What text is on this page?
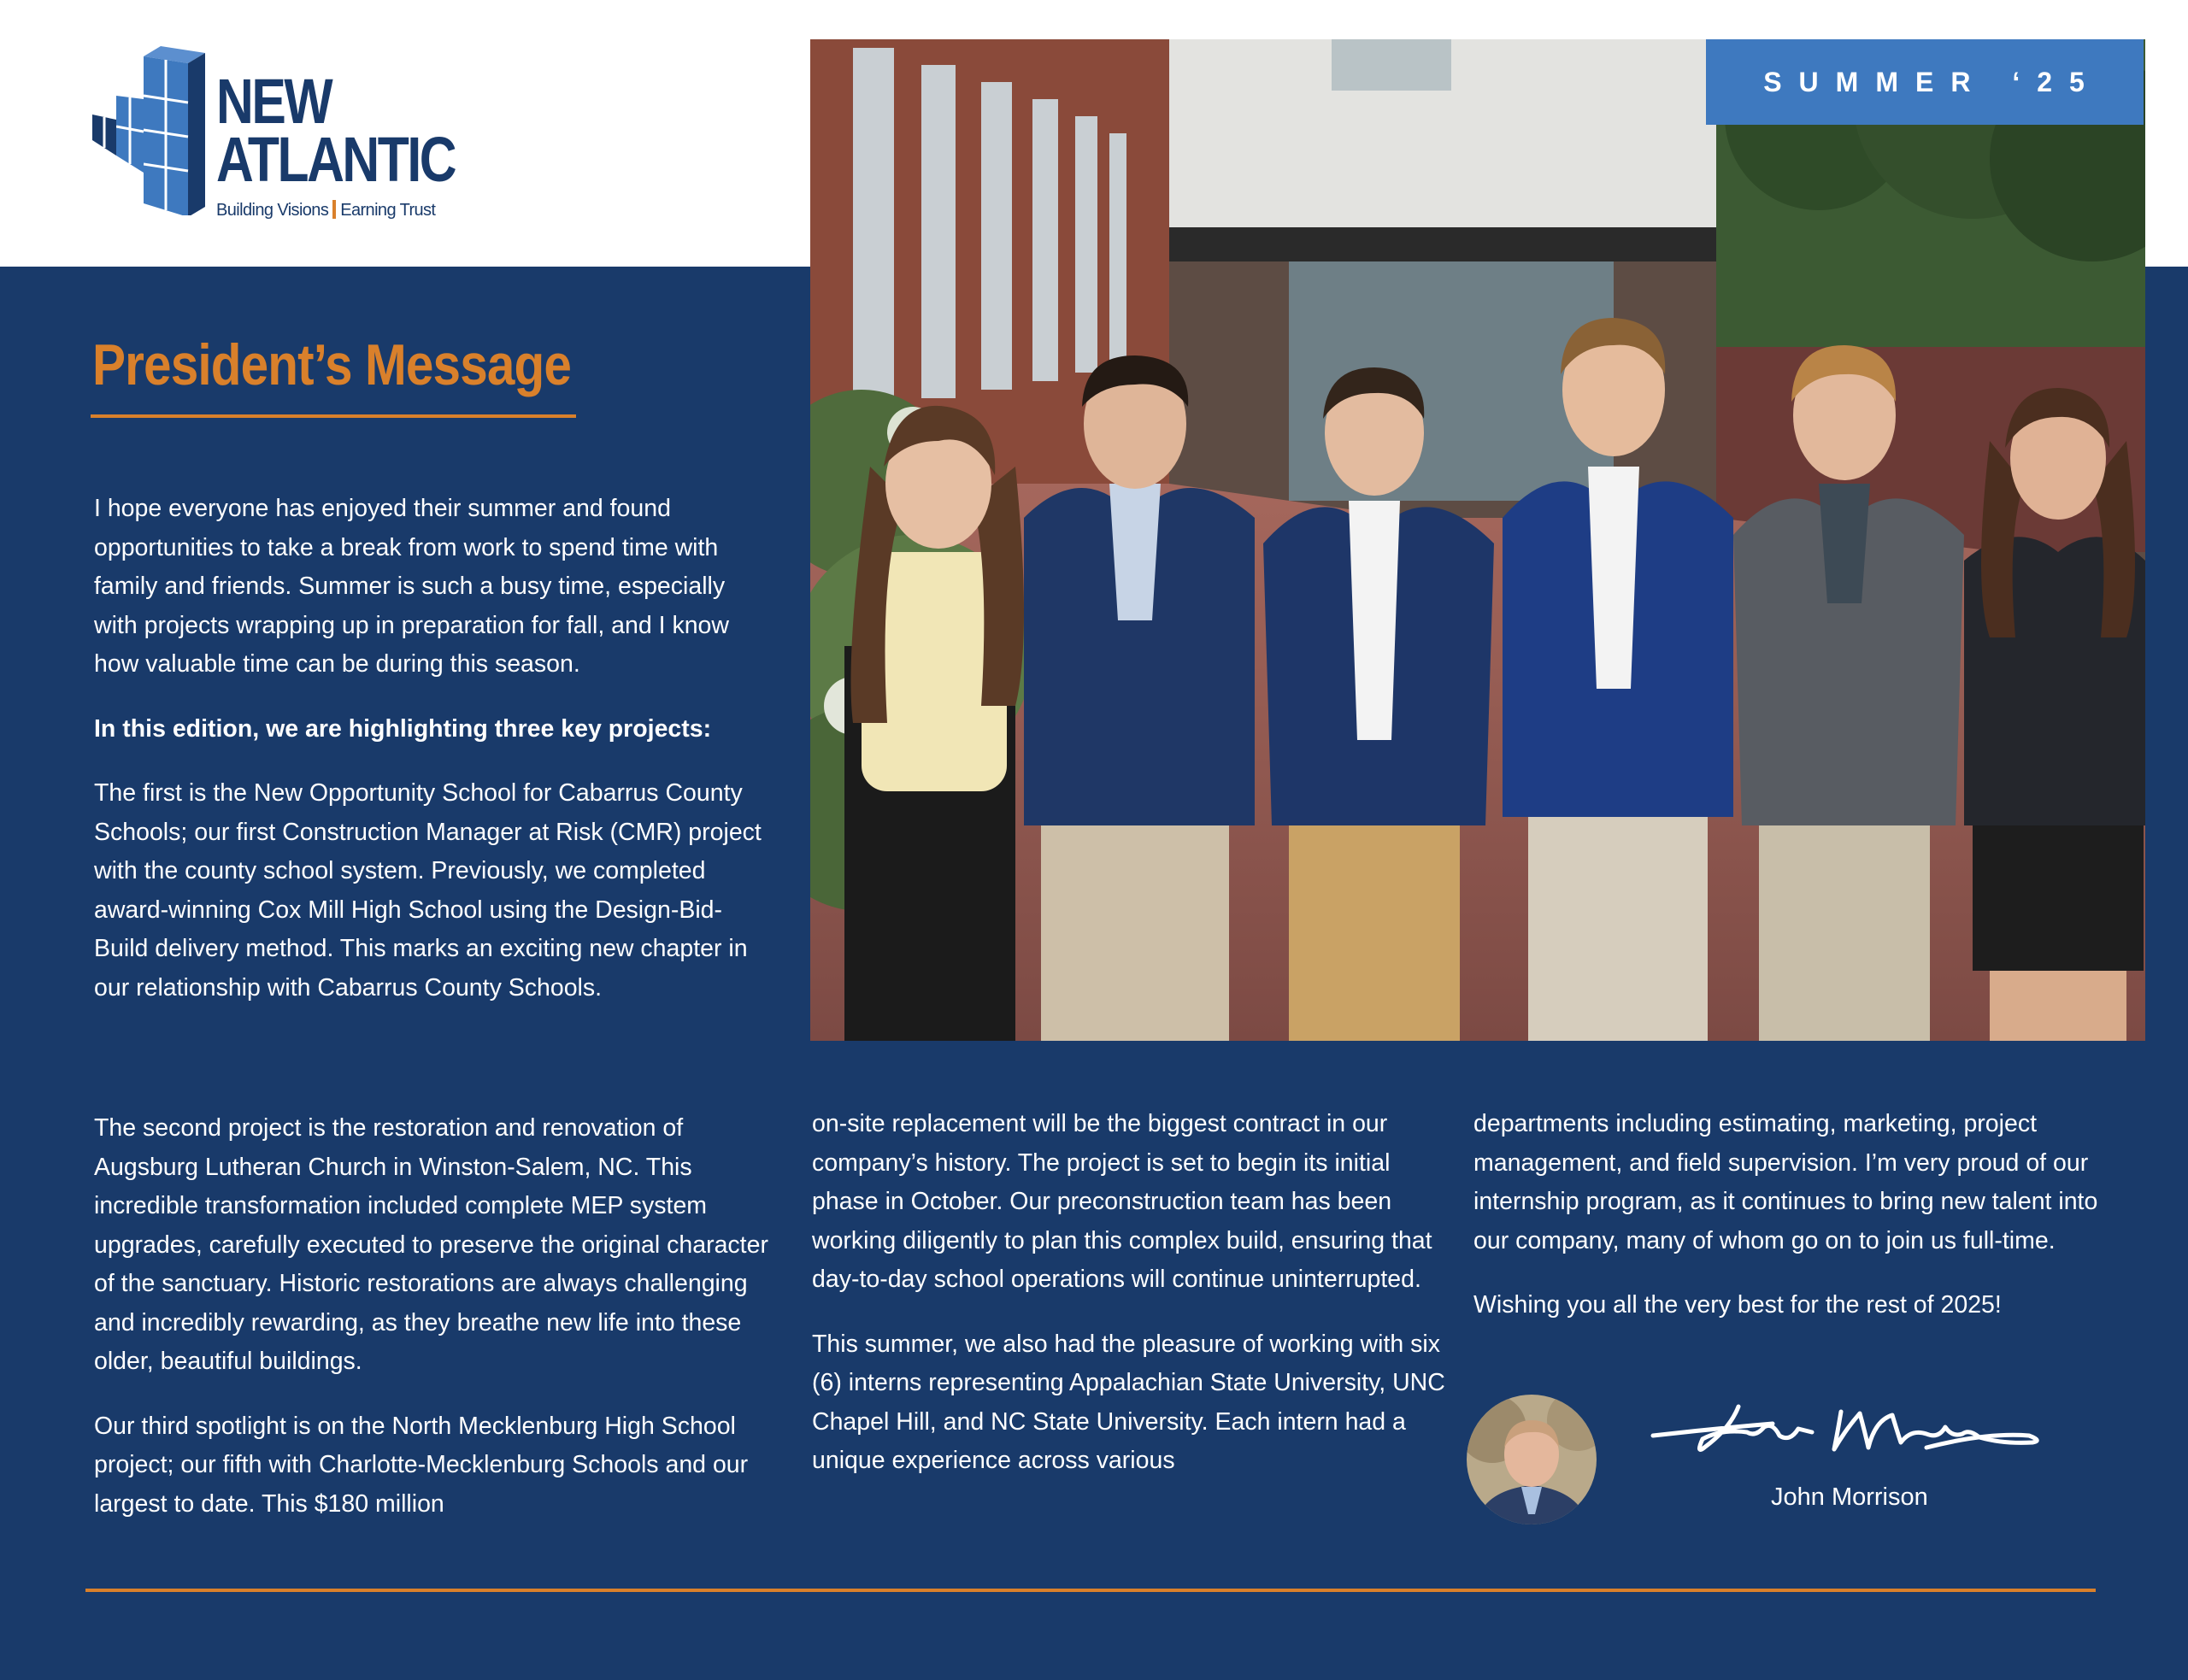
NEW
ATLANTIC
Building Visions Earning Trust
SUMMER ‘25
President’s Message

I hope everyone has enjoyed their summer and found opportunities to take a break from work to spend time with family and friends. Summer is such a busy time, especially with projects wrapping up in preparation for fall, and I know how valuable time can be during this season.

In this edition, we are highlighting three key projects:

The first is the New Opportunity School for Cabarrus County Schools; our first Construction Manager at Risk (CMR) project with the county school system. Previously, we completed award-winning Cox Mill High School using the Design-Bid-Build delivery method. This marks an exciting new chapter in our relationship with Cabarrus County Schools.

The second project is the restoration and renovation of Augsburg Lutheran Church in Winston-Salem, NC. This incredible transformation included complete MEP system upgrades, carefully executed to preserve the original character of the sanctuary. Historic restorations are always challenging and incredibly rewarding, as they breathe new life into these older, beautiful buildings.

Our third spotlight is on the North Mecklenburg High School project; our fifth with Charlotte-Mecklenburg Schools and our largest to date. This $180 million

on-site replacement will be the biggest contract in our company’s history. The project is set to begin its initial phase in October. Our preconstruction team has been working diligently to plan this complex build, ensuring that day-to-day school operations will continue uninterrupted.

This summer, we also had the pleasure of working with six (6) interns representing Appalachian State University, UNC Chapel Hill, and NC State University. Each intern had a unique experience across various

departments including estimating, marketing, project management, and field supervision. I’m very proud of our internship program, as it continues to bring new talent into our company, many of whom go on to join us full-time.

Wishing you all the very best for the rest of 2025!

John Morrison
